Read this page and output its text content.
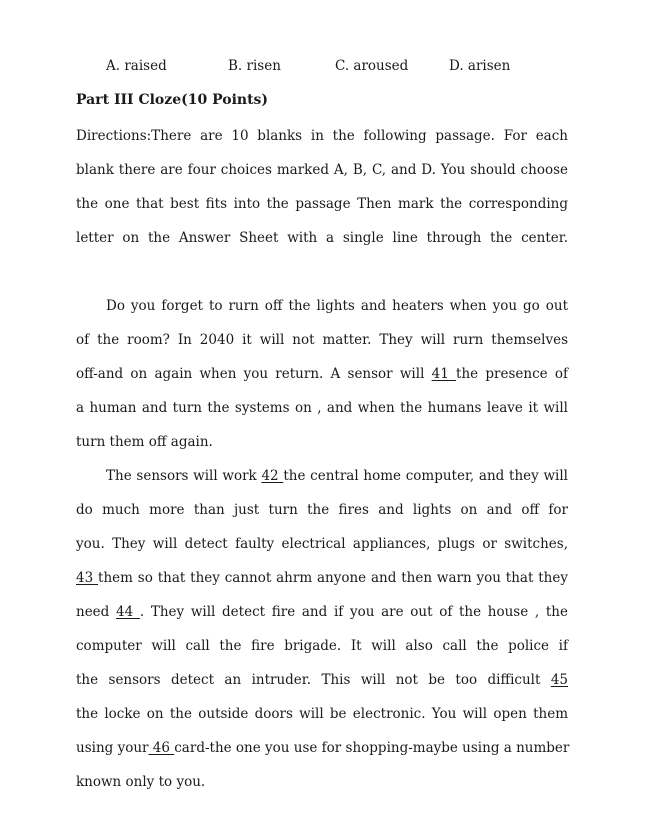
A. raised	B. risen	C. aroused	D. arisen
Part III Cloze(10 Points)
Directions:There are 10 blanks in the following passage. For each
blank there are four choices marked A, B, C, and D. You should choose
the one that best fits into the passage Then mark the corresponding
letter on the Answer Sheet with a single line through the center.
Do you forget to rurn off the lights and heaters when you go out
of the room? In 2040 it will not matter. They will rurn themselves
off-and on again when you return. A sensor will 41 the presence of
a human and turn the systems on , and when the humans leave it will
turn them off again.
The sensors will work 42 the central home computer, and they will
do much more than just turn the fires and lights on and off for
you. They will detect faulty electrical appliances, plugs or switches,
43 them so that they cannot ahrm anyone and then warn you that they
need 44 . They will detect fire and if you are out of the house , the
computer will call the fire brigade. It will also call the police if
the sensors detect an intruder. This will not be too difficult 45
the locke on the outside doors will be electronic. You will open them
using your 46 card-the one you use for shopping-maybe using a number
known only to you.
